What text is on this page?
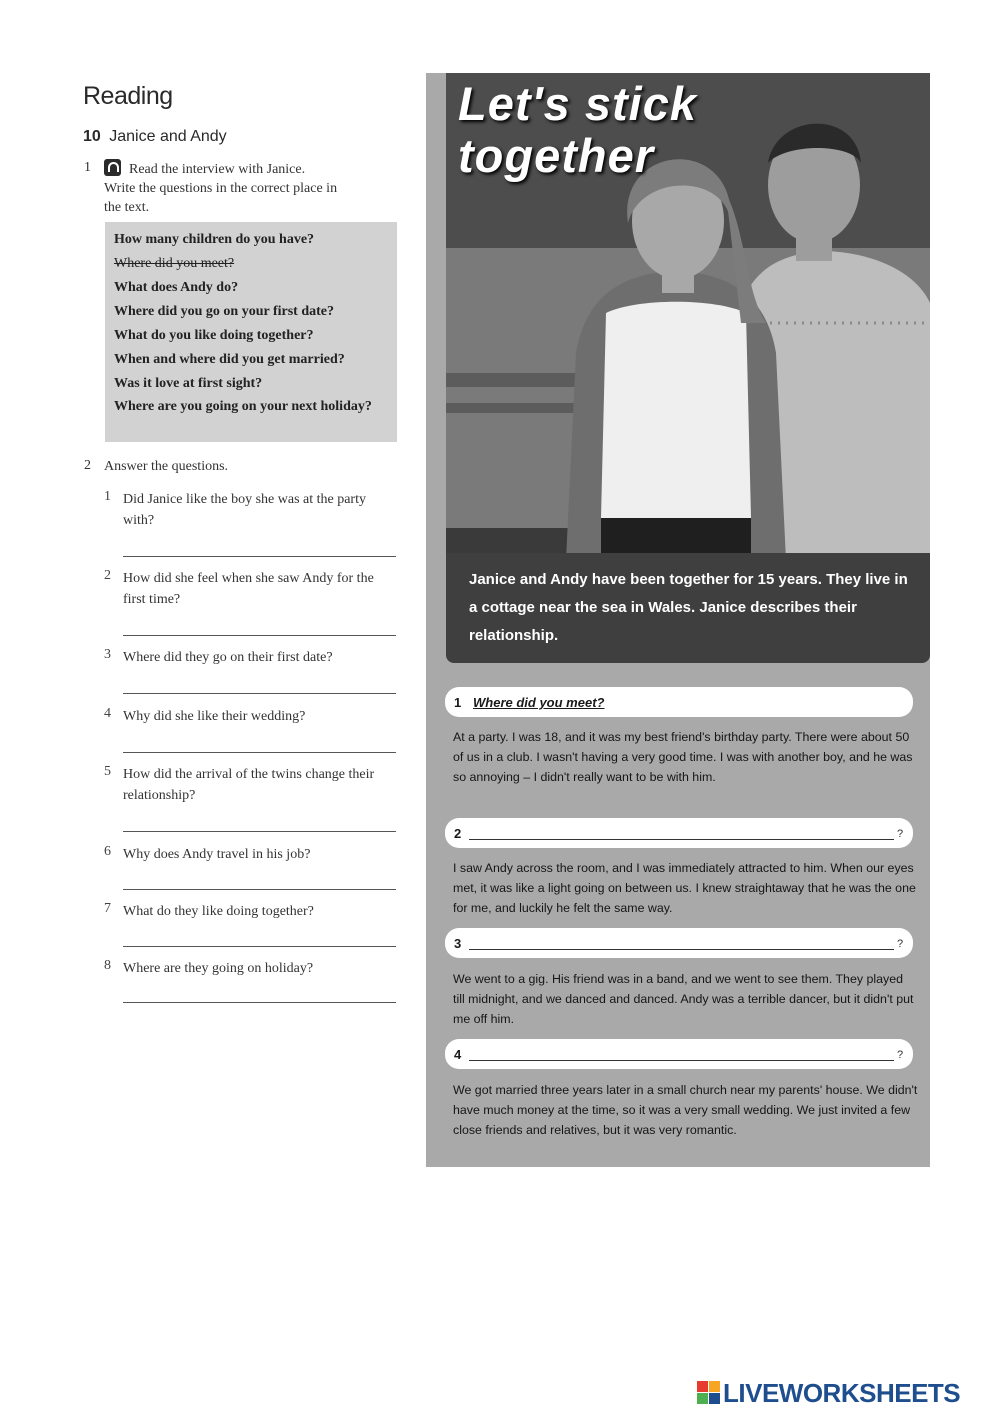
Reading
10 Janice and Andy
1	Read the interview with Janice.
Write the questions in the correct place in
the text.
How many children do you have?
Where did you meet?
What does Andy do?
Where did you go on your first date?
What do you like doing together?
When and where did you get married?
Was it love at first sight?
Where are you going on your next holiday?
2 Answer the questions.
1 Did Janice like the boy she was at the party with?
2 How did she feel when she saw Andy for the first time?
3 Where did they go on their first date?
4 Why did she like their wedding?
5 How did the arrival of the twins change their relationship?
6 Why does Andy travel in his job?
7 What do they like doing together?
8 Where are they going on holiday?
Let's stick
together
Janice and Andy have been together for 15 years. They live in a cottage near the sea in Wales. Janice describes their relationship.
1 Where did you meet?
At a party. I was 18, and it was my best friend's birthday party. There were about 50 of us in a club. I wasn't having a very good time. I was with another boy, and he was so annoying – I didn't really want to be with him.
2	?
I saw Andy across the room, and I was immediately attracted to him. When our eyes met, it was like a light going on between us. I knew straightaway that he was the one for me, and luckily he felt the same way.
3	?
We went to a gig. His friend was in a band, and we went to see them. They played till midnight, and we danced and danced. Andy was a terrible dancer, but it didn't put me off him.
4	?
We got married three years later in a small church near my parents' house. We didn't have much money at the time, so it was a very small wedding. We just invited a few close friends and relatives, but it was very romantic.
LIVEWORKSHEETS
